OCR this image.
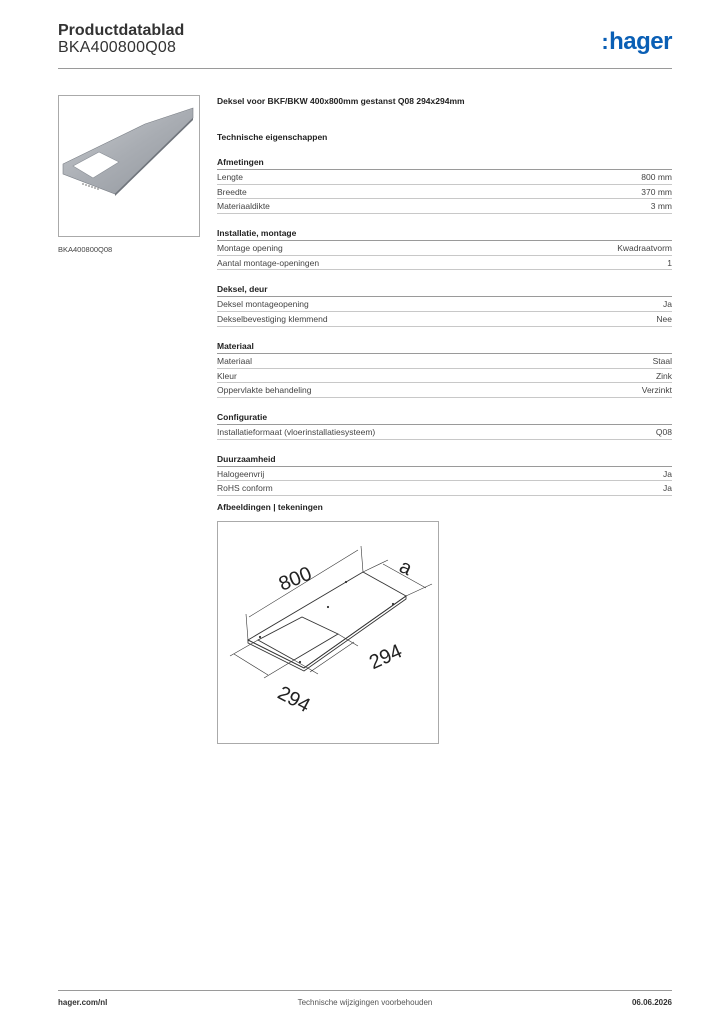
Productdatablad
BKA400800Q08	:hager
BKA400800Q08
Deksel voor BKF/BKW 400x800mm gestanst Q08 294x294mm
Technische eigenschappen
Afmetingen
Lengte	800 mm
Breedte	370 mm
Materiaaldikte	3 mm
Installatie, montage
Montage opening	Kwadraatvorm
Aantal montage-openingen	1
Deksel, deur
Deksel montageopening	Ja
Dekselbevestiging klemmend	Nee
Materiaal
Materiaal	Staal
Kleur	Zink
Oppervlakte behandeling	Verzinkt
Configuratie
Installatieformaat (vloerinstallatiesysteem)	Q08
Duurzaamheid
Halogeenvrij	Ja
RoHS conform	Ja
Afbeeldingen | tekeningen
800	a
294
294
hager.com/nl	Technische wijzigingen voorbehouden	06.06.2026
